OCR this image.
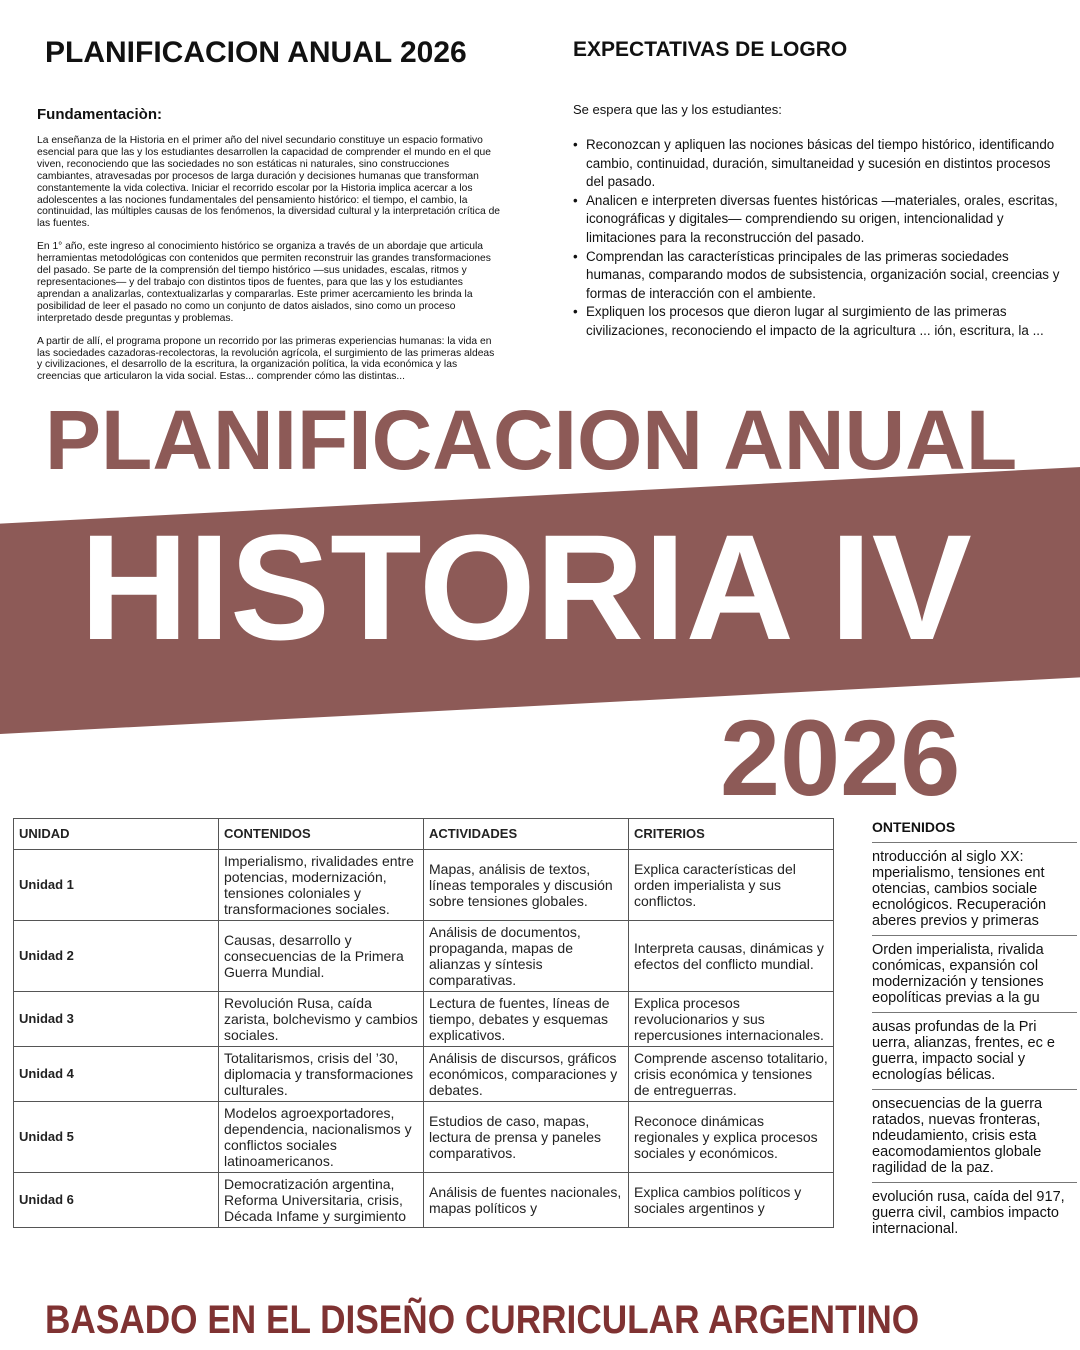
PLANIFICACION ANUAL 2026
Fundamentaciòn:

La enseñanza de la Historia en el primer año del nivel secundario constituye un espacio formativo esencial para que las y los estudiantes desarrollen la capacidad de comprender el mundo en el que viven, reconociendo que las sociedades no son estáticas ni naturales, sino construcciones cambiantes, atravesadas por procesos de larga duración y decisiones humanas que transforman constantemente la vida colectiva. Iniciar el recorrido escolar por la Historia implica acercar a los adolescentes a las nociones fundamentales del pensamiento histórico: el tiempo, el cambio, la continuidad, las múltiples causas de los fenómenos, la diversidad cultural y la interpretación crítica de las fuentes.

En 1° año, este ingreso al conocimiento histórico se organiza a través de un abordaje que articula herramientas metodológicas con contenidos que permiten reconstruir las grandes transformaciones del pasado. Se parte de la comprensión del tiempo histórico —sus unidades, escalas, ritmos y representaciones— y del trabajo con distintos tipos de fuentes, para que las y los estudiantes aprendan a analizarlas, contextualizarlas y compararlas. Este primer acercamiento les brinda la posibilidad de leer el pasado no como un conjunto de datos aislados, sino como un proceso interpretado desde preguntas y problemas.

A partir de allí, el programa propone un recorrido por las primeras experiencias humanas: la vida en las sociedades cazadoras-recolectoras, la revolución agrícola, el surgimiento de las primeras aldeas y civilizaciones, el desarrollo de la escritura, la organización política, la vida económica y las creencias que articularon la vida social. Estas... comprender cómo las distintas...

EXPECTATIVAS DE LOGRO
Se espera que las y los estudiantes:
• Reconozcan y apliquen las nociones básicas del tiempo histórico, identificando cambio, continuidad, duración, simultaneidad y sucesión en distintos procesos del pasado.
• Analicen e interpreten diversas fuentes históricas —materiales, orales, escritas, iconográficas y digitales— comprendiendo su origen, intencionalidad y limitaciones para la reconstrucción del pasado.
• Comprendan las características principales de las primeras sociedades humanas, comparando modos de subsistencia, organización social, creencias y formas de interacción con el ambiente.
• Expliquen los procesos que dieron lugar al surgimiento de las primeras civilizaciones, reconociendo el impacto de la agricultura ... ión, escritura, la ...
PLANIFICACION ANUAL
HISTORIA IV
2026
UNIDAD	CONTENIDOS	ACTIVIDADES	CRITERIOS
Unidad 1	Imperialismo, rivalidades entre potencias, modernización, tensiones coloniales y transformaciones sociales.	Mapas, análisis de textos, líneas temporales y discusión sobre tensiones globales.	Explica características del orden imperialista y sus conflictos.
Unidad 2	Causas, desarrollo y consecuencias de la Primera Guerra Mundial.	Análisis de documentos, propaganda, mapas de alianzas y síntesis comparativas.	Interpreta causas, dinámicas y efectos del conflicto mundial.
Unidad 3	Revolución Rusa, caída zarista, bolchevismo y cambios sociales.	Lectura de fuentes, líneas de tiempo, debates y esquemas explicativos.	Explica procesos revolucionarios y sus repercusiones internacionales.
Unidad 4	Totalitarismos, crisis del ’30, diplomacia y transformaciones culturales.	Análisis de discursos, gráficos económicos, comparaciones y debates.	Comprende ascenso totalitario, crisis económica y tensiones de entreguerras.
Unidad 5	Modelos agroexportadores, dependencia, nacionalismos y conflictos sociales latinoamericanos.	Estudios de caso, mapas, lectura de prensa y paneles comparativos.	Reconoce dinámicas regionales y explica procesos sociales y económicos.
Unidad 6	Democratización argentina, Reforma Universitaria, crisis, Década Infame y surgimiento	Análisis de fuentes nacionales, mapas políticos y	Explica cambios políticos y sociales argentinos y
ONTENIDOS
ntroducción al siglo XX: mperialismo, tensiones ent otencias, cambios sociale ecnológicos. Recuperación aberes previos y primeras
Orden imperialista, rivalida conómicas, expansión col modernización y tensiones eopolíticas previas a la gu
ausas profundas de la Pri uerra, alianzas, frentes, ec e guerra, impacto social y ecnologías bélicas.
onsecuencias de la guerra ratados, nuevas fronteras, ndeudamiento, crisis esta eacomodamientos globale ragilidad de la paz.
evolución rusa, caída del 917, guerra civil, cambios impacto internacional.
BASADO EN EL DISEÑO CURRICULAR ARGENTINO
